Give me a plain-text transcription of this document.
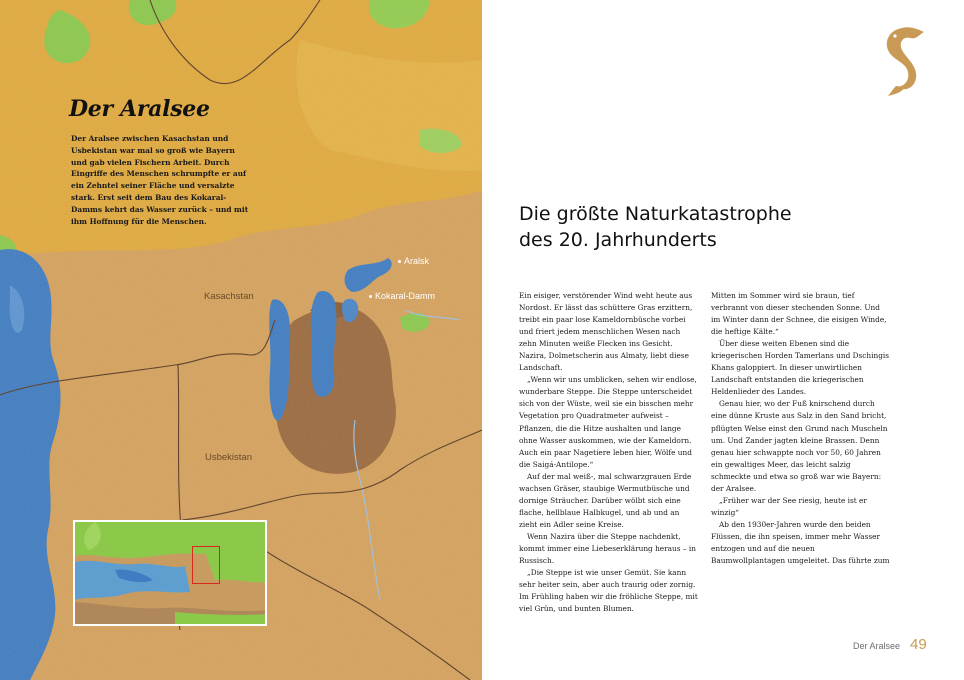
Der Aralsee

Der Aralsee zwischen Kasachstan und Usbekistan war mal so groß wie Bayern und gab vielen Fischern Arbeit. Durch Eingriffe des Menschen schrumpfte er auf ein Zehntel seiner Fläche und versalzte stark. Erst seit dem Bau des Kokaral-Damms kehrt das Wasser zurück – und mit ihm Hoffnung für die Menschen.

Kasachstan
Usbekistan
Aralsk
Kokaral-Damm
Die größte Naturkatastrophe des 20. Jahrhunderts

Ein eisiger, verstörender Wind weht heute aus Nordost. Er lässt das schüttere Gras erzittern, treibt ein paar lose Kameldornbüsche vorbei und friert jedem menschlichen Wesen nach zehn Minuten weiße Flecken ins Gesicht. Nazira, Dolmetscherin aus Almaty, liebt diese Landschaft.

„Wenn wir uns umblicken, sehen wir endlose, wunderbare Steppe. Die Steppe unterscheidet sich von der Wüste, weil sie ein bisschen mehr Vegetation pro Quadratmeter aufweist – Pflanzen, die die Hitze aushalten und lange ohne Wasser auskommen, wie der Kameldorn. Auch ein paar Nagetiere leben hier, Wölfe und die Saigá-Antilope.“

Auf der mal weiß-, mal schwarzgrauen Erde wachsen Gräser, staubige Wermutbüsche und dornige Sträucher. Darüber wölbt sich eine flache, hellblaue Halbkugel, und ab und an zieht ein Adler seine Kreise.

Wenn Nazira über die Steppe nachdenkt, kommt immer eine Liebeserklärung heraus – in Russisch.

„Die Steppe ist wie unser Gemüt. Sie kann sehr heiter sein, aber auch traurig oder zornig. Im Frühling haben wir die fröhliche Steppe, mit viel Grün, und bunten Blumen.

Mitten im Sommer wird sie braun, tief verbrannt von dieser stechenden Sonne. Und im Winter dann der Schnee, die eisigen Winde, die heftige Kälte.“

Über diese weiten Ebenen sind die kriegerischen Horden Tamerlans und Dschingis Khans galoppiert. In dieser unwirtlichen Landschaft entstanden die kriegerischen Heldenlieder des Landes.

Genau hier, wo der Fuß knirschend durch eine dünne Kruste aus Salz in den Sand bricht, pflügten Welse einst den Grund nach Muscheln um. Und Zander jagten kleine Brassen. Denn genau hier schwappte noch vor 50, 60 Jahren ein gewaltiges Meer, das leicht salzig schmeckte und etwa so groß war wie Bayern: der Aralsee.

„Früher war der See riesig, heute ist er winzig“

Ab den 1930er-Jahren wurde den beiden Flüssen, die ihn speisen, immer mehr Wasser entzogen und auf die neuen Baumwollplantagen umgeleitet. Das führte zum

Der Aralsee 49
